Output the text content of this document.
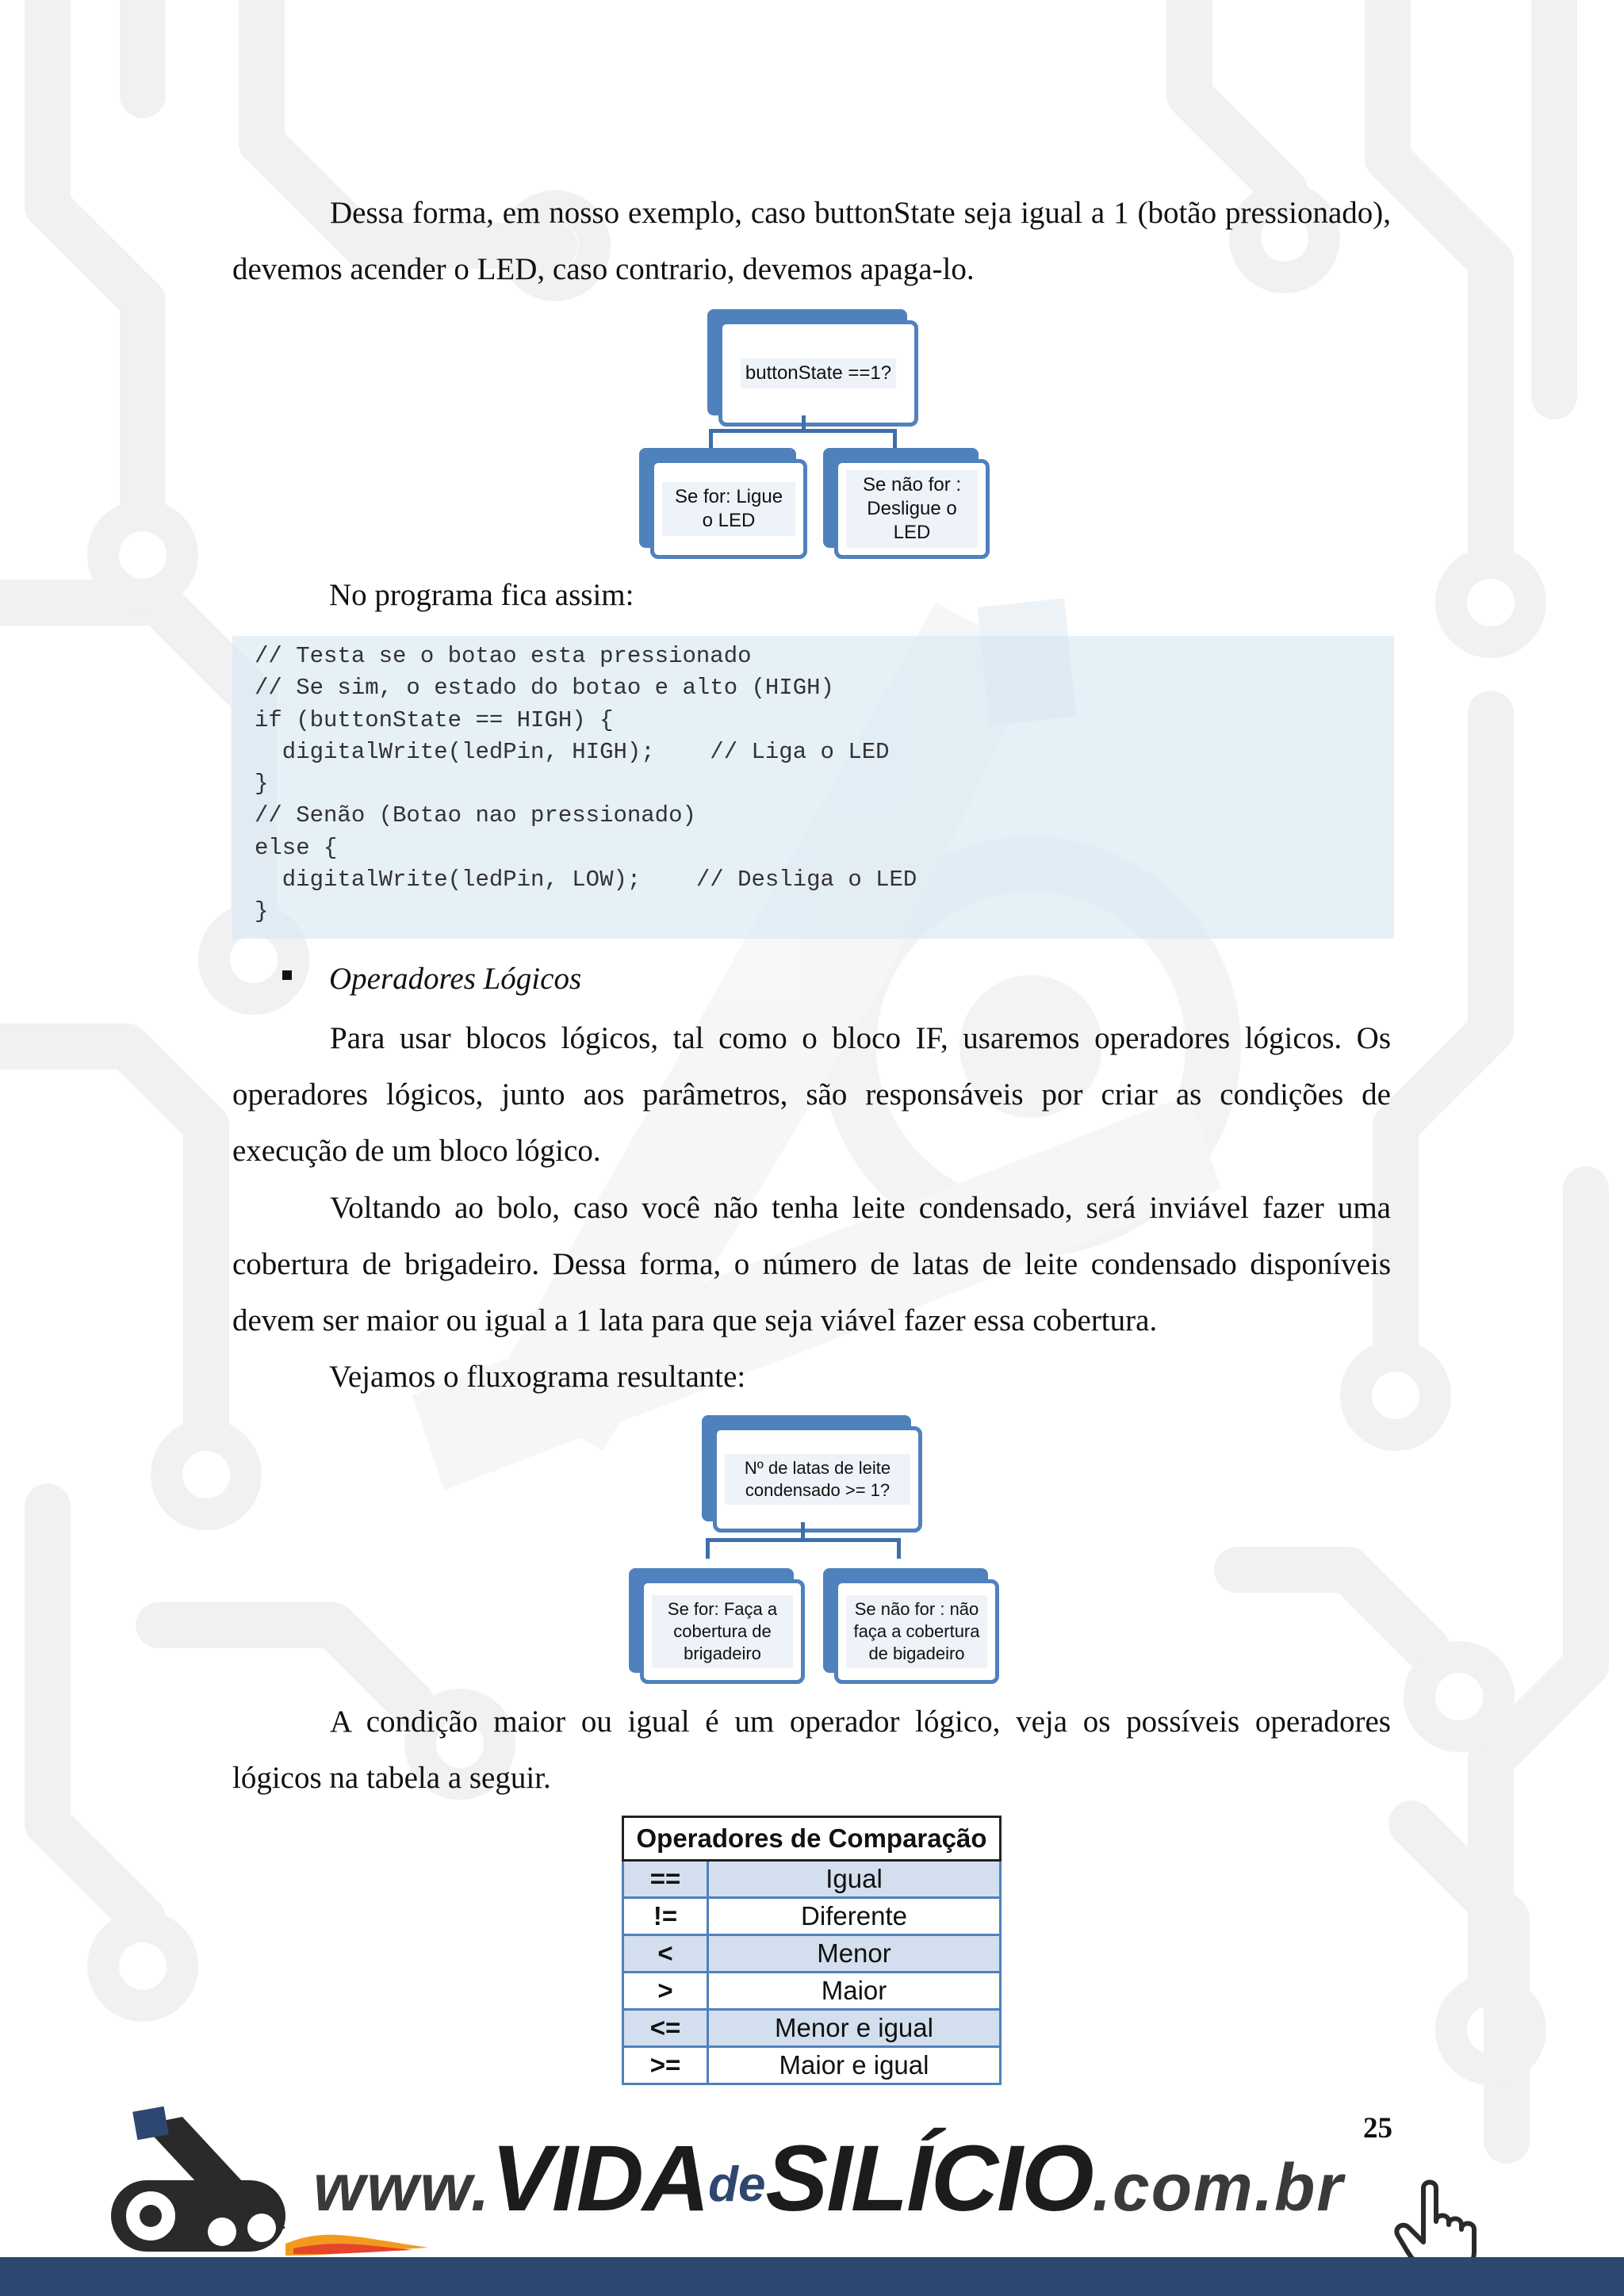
Dessa forma, em nosso exemplo, caso buttonState seja igual a 1 (botão pressionado), devemos acender o LED, caso contrario, devemos apaga-lo.

buttonState ==1?
Se for: Ligue o LED
Se não for : Desligue o LED

No programa fica assim:

// Testa se o botao esta pressionado
// Se sim, o estado do botao e alto (HIGH)
if (buttonState == HIGH) {
digitalWrite(ledPin, HIGH);    // Liga o LED
}
// Senão (Botao nao pressionado)
else {
digitalWrite(ledPin, LOW);    // Desliga o LED
}

Operadores Lógicos

Para usar blocos lógicos, tal como o bloco IF, usaremos operadores lógicos. Os operadores lógicos, junto aos parâmetros, são responsáveis por criar as condições de execução de um bloco lógico.

Voltando ao bolo, caso você não tenha leite condensado, será inviável fazer uma cobertura de brigadeiro. Dessa forma, o número de latas de leite condensado disponíveis devem ser maior ou igual a 1 lata para que seja viável fazer essa cobertura.

Vejamos o fluxograma resultante:

Nº de latas de leite condensado >= 1?
Se for: Faça a cobertura de brigadeiro
Se não for : não faça a cobertura de bigadeiro

A condição maior ou igual é um operador lógico, veja os possíveis operadores lógicos na tabela a seguir.

Operadores de Comparação	
==	Igual
!=	Diferente
<	Menor
>	Maior
<=	Menor e igual
>=	Maior e igual

25

www.VIDAdeSILÍCIO.com.br
